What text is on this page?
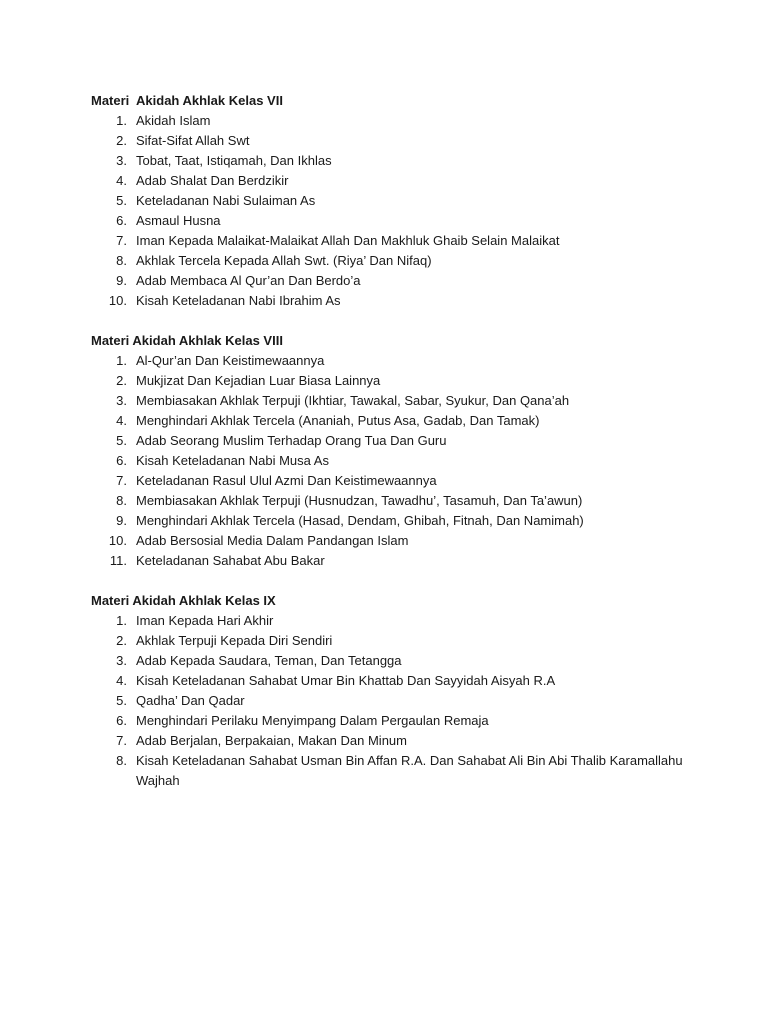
Materi  Akidah Akhlak Kelas VII
1. Akidah Islam
2. Sifat-Sifat Allah Swt
3. Tobat, Taat, Istiqamah, Dan Ikhlas
4. Adab Shalat Dan Berdzikir
5. Keteladanan Nabi Sulaiman As
6. Asmaul Husna
7. Iman Kepada Malaikat-Malaikat Allah Dan Makhluk Ghaib Selain Malaikat
8. Akhlak Tercela Kepada Allah Swt. (Riya’ Dan Nifaq)
9. Adab Membaca Al Qur’an Dan Berdo’a
10. Kisah Keteladanan Nabi Ibrahim As
Materi Akidah Akhlak Kelas VIII
1. Al-Qur’an Dan Keistimewaannya
2. Mukjizat Dan Kejadian Luar Biasa Lainnya
3. Membiasakan Akhlak Terpuji (Ikhtiar, Tawakal, Sabar, Syukur, Dan Qana’ah
4. Menghindari Akhlak Tercela (Ananiah, Putus Asa, Gadab, Dan Tamak)
5. Adab Seorang Muslim Terhadap Orang Tua Dan Guru
6. Kisah Keteladanan Nabi Musa As
7. Keteladanan Rasul Ulul Azmi Dan Keistimewaannya
8. Membiasakan Akhlak Terpuji (Husnudzan, Tawadhu’, Tasamuh, Dan Ta’awun)
9. Menghindari Akhlak Tercela (Hasad, Dendam, Ghibah, Fitnah, Dan Namimah)
10. Adab Bersosial Media Dalam Pandangan Islam
11. Keteladanan Sahabat Abu Bakar
Materi Akidah Akhlak Kelas IX
1. Iman Kepada Hari Akhir
2. Akhlak Terpuji Kepada Diri Sendiri
3. Adab Kepada Saudara, Teman, Dan Tetangga
4. Kisah Keteladanan Sahabat Umar Bin Khattab Dan Sayyidah Aisyah R.A
5. Qadha’ Dan Qadar
6. Menghindari Perilaku Menyimpang Dalam Pergaulan Remaja
7. Adab Berjalan, Berpakaian, Makan Dan Minum
8. Kisah Keteladanan Sahabat Usman Bin Affan R.A. Dan Sahabat Ali Bin Abi Thalib Karamallahu Wajhah
